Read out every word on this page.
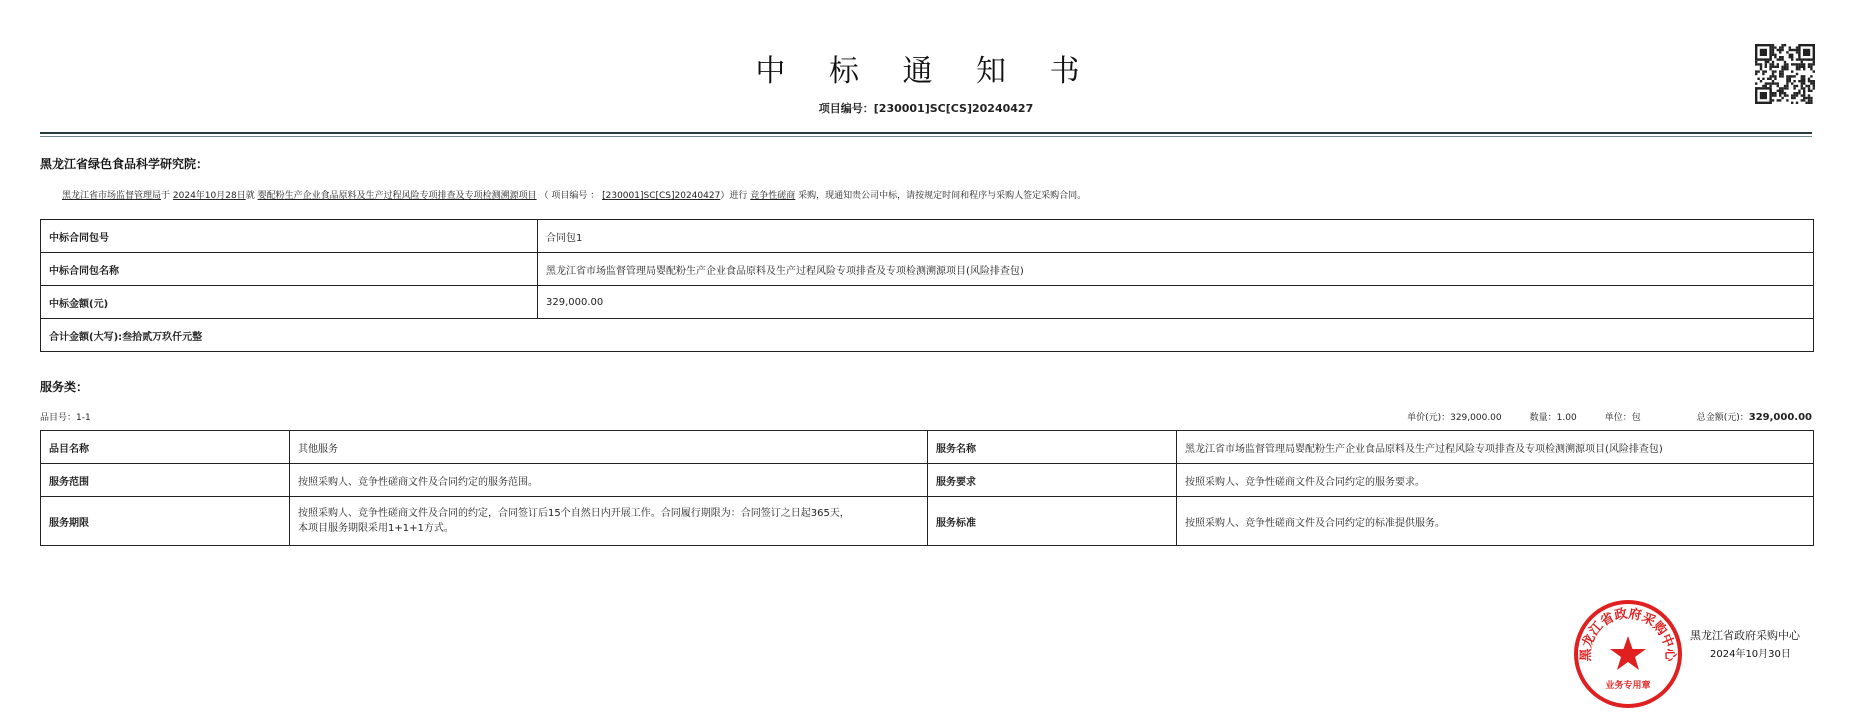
中 标 通 知 书
项目编号：[230001]SC[CS]20240427
黑龙江省绿色食品科学研究院：
黑龙江省市场监督管理局于 2024年10月28日就 婴配粉生产企业食品原料及生产过程风险专项排查及专项检测溯源项目 （ 项目编号 ： [230001]SC[CS]20240427）进行 竞争性磋商 采购，现通知贵公司中标，请按规定时间和程序与采购人签定采购合同。
中标合同包号	合同包1
中标合同包名称	黑龙江省市场监督管理局婴配粉生产企业食品原料及生产过程风险专项排查及专项检测溯源项目(风险排查包)
中标金额(元)	329,000.00
合计金额(大写):叁拾贰万玖仟元整	
服务类：
品目号：1-1	单价(元)：329,000.00	数量：1.00	单位：包	总金额(元)：329,000.00
品目名称	其他服务	服务名称	黑龙江省市场监督管理局婴配粉生产企业食品原料及生产过程风险专项排查及专项检测溯源项目(风险排查包)
服务范围	按照采购人、竞争性磋商文件及合同约定的服务范围。	服务要求	按照采购人、竞争性磋商文件及合同约定的服务要求。
服务期限	按照采购人、竞争性磋商文件及合同的约定，合同签订后15个自然日内开展工作。合同履行期限为：合同签订之日起365天，
本项目服务期限采用1+1+1方式。	服务标准	按照采购人、竞争性磋商文件及合同约定的标准提供服务。
黑龙江省政府采购中心
业务专用章
黑龙江省政府采购中心
2024年10月30日
